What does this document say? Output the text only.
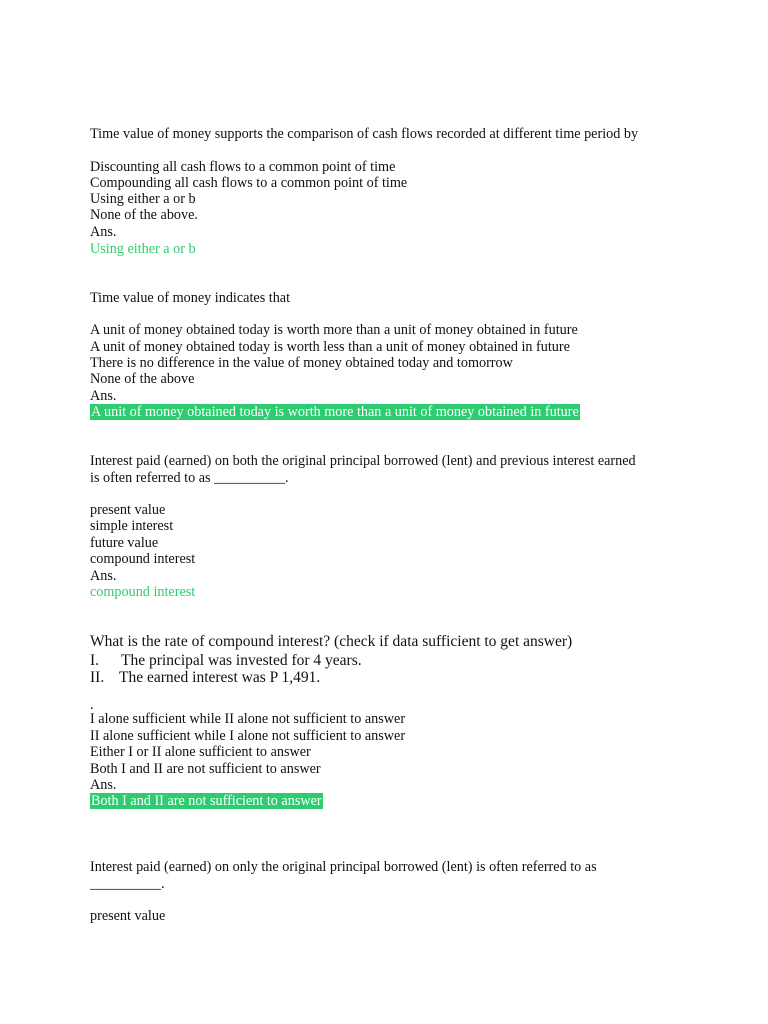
Time value of money supports the comparison of cash flows recorded at different time period by
Discounting all cash flows to a common point of time
Compounding all cash flows to a common point of time
Using either a or b
None of the above.
Ans.
Using either a or b
Time value of money indicates that
A unit of money obtained today is worth more than a unit of money obtained in future
A unit of money obtained today is worth less than a unit of money obtained in future
There is no difference in the value of money obtained today and tomorrow
None of the above
Ans.
A unit of money obtained today is worth more than a unit of money obtained in future
Interest paid (earned) on both the original principal borrowed (lent) and previous interest earned
is often referred to as __________.
present value
simple interest
future value
compound interest
Ans.
compound interest
What is the rate of compound interest? (check if data sufficient to get answer)
I. The principal was invested for 4 years.
II. The earned interest was P 1,491.
.
I alone sufficient while II alone not sufficient to answer
II alone sufficient while I alone not sufficient to answer
Either I or II alone sufficient to answer
Both I and II are not sufficient to answer
Ans.
Both I and II are not sufficient to answer
Interest paid (earned) on only the original principal borrowed (lent) is often referred to as
__________.
present value
